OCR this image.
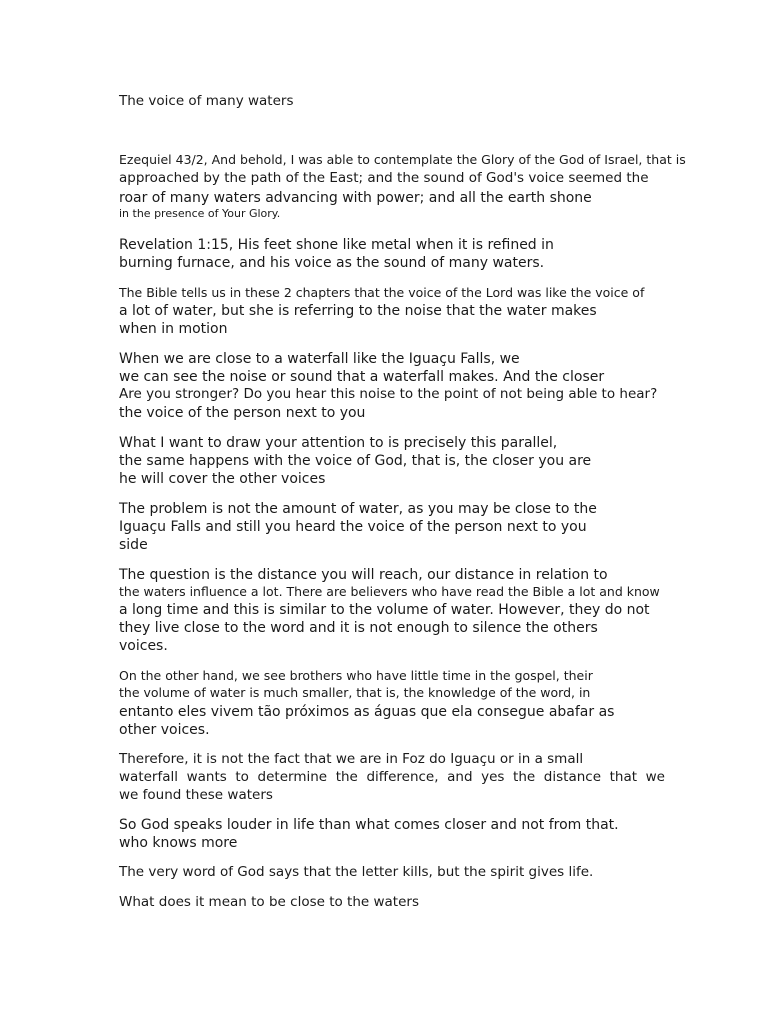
The voice of many waters

Ezequiel 43/2, And behold, I was able to contemplate the Glory of the God of Israel, that is

approached by the path of the East; and the sound of God's voice seemed the

roar of many waters advancing with power; and all the earth shone

in the presence of Your Glory.

Revelation 1:15, His feet shone like metal when it is refined in

burning furnace, and his voice as the sound of many waters.

The Bible tells us in these 2 chapters that the voice of the Lord was like the voice of

a lot of water, but she is referring to the noise that the water makes

when in motion

When we are close to a waterfall like the Iguaçu Falls, we

we can see the noise or sound that a waterfall makes. And the closer

Are you stronger? Do you hear this noise to the point of not being able to hear?

the voice of the person next to you

What I want to draw your attention to is precisely this parallel,

the same happens with the voice of God, that is, the closer you are

he will cover the other voices

The problem is not the amount of water, as you may be close to the

Iguaçu Falls and still you heard the voice of the person next to you

side

The question is the distance you will reach, our distance in relation to

the waters influence a lot. There are believers who have read the Bible a lot and know

a long time and this is similar to the volume of water. However, they do not

they live close to the word and it is not enough to silence the others

voices.

On the other hand, we see brothers who have little time in the gospel, their

the volume of water is much smaller, that is, the knowledge of the word, in

entanto eles vivem tão próximos as águas que ela consegue abafar as

other voices.

Therefore, it is not the fact that we are in Foz do Iguaçu or in a small

waterfall wants to determine the difference, and yes the distance that we

we found these waters

So God speaks louder in life than what comes closer and not from that.

who knows more

The very word of God says that the letter kills, but the spirit gives life.

What does it mean to be close to the waters
